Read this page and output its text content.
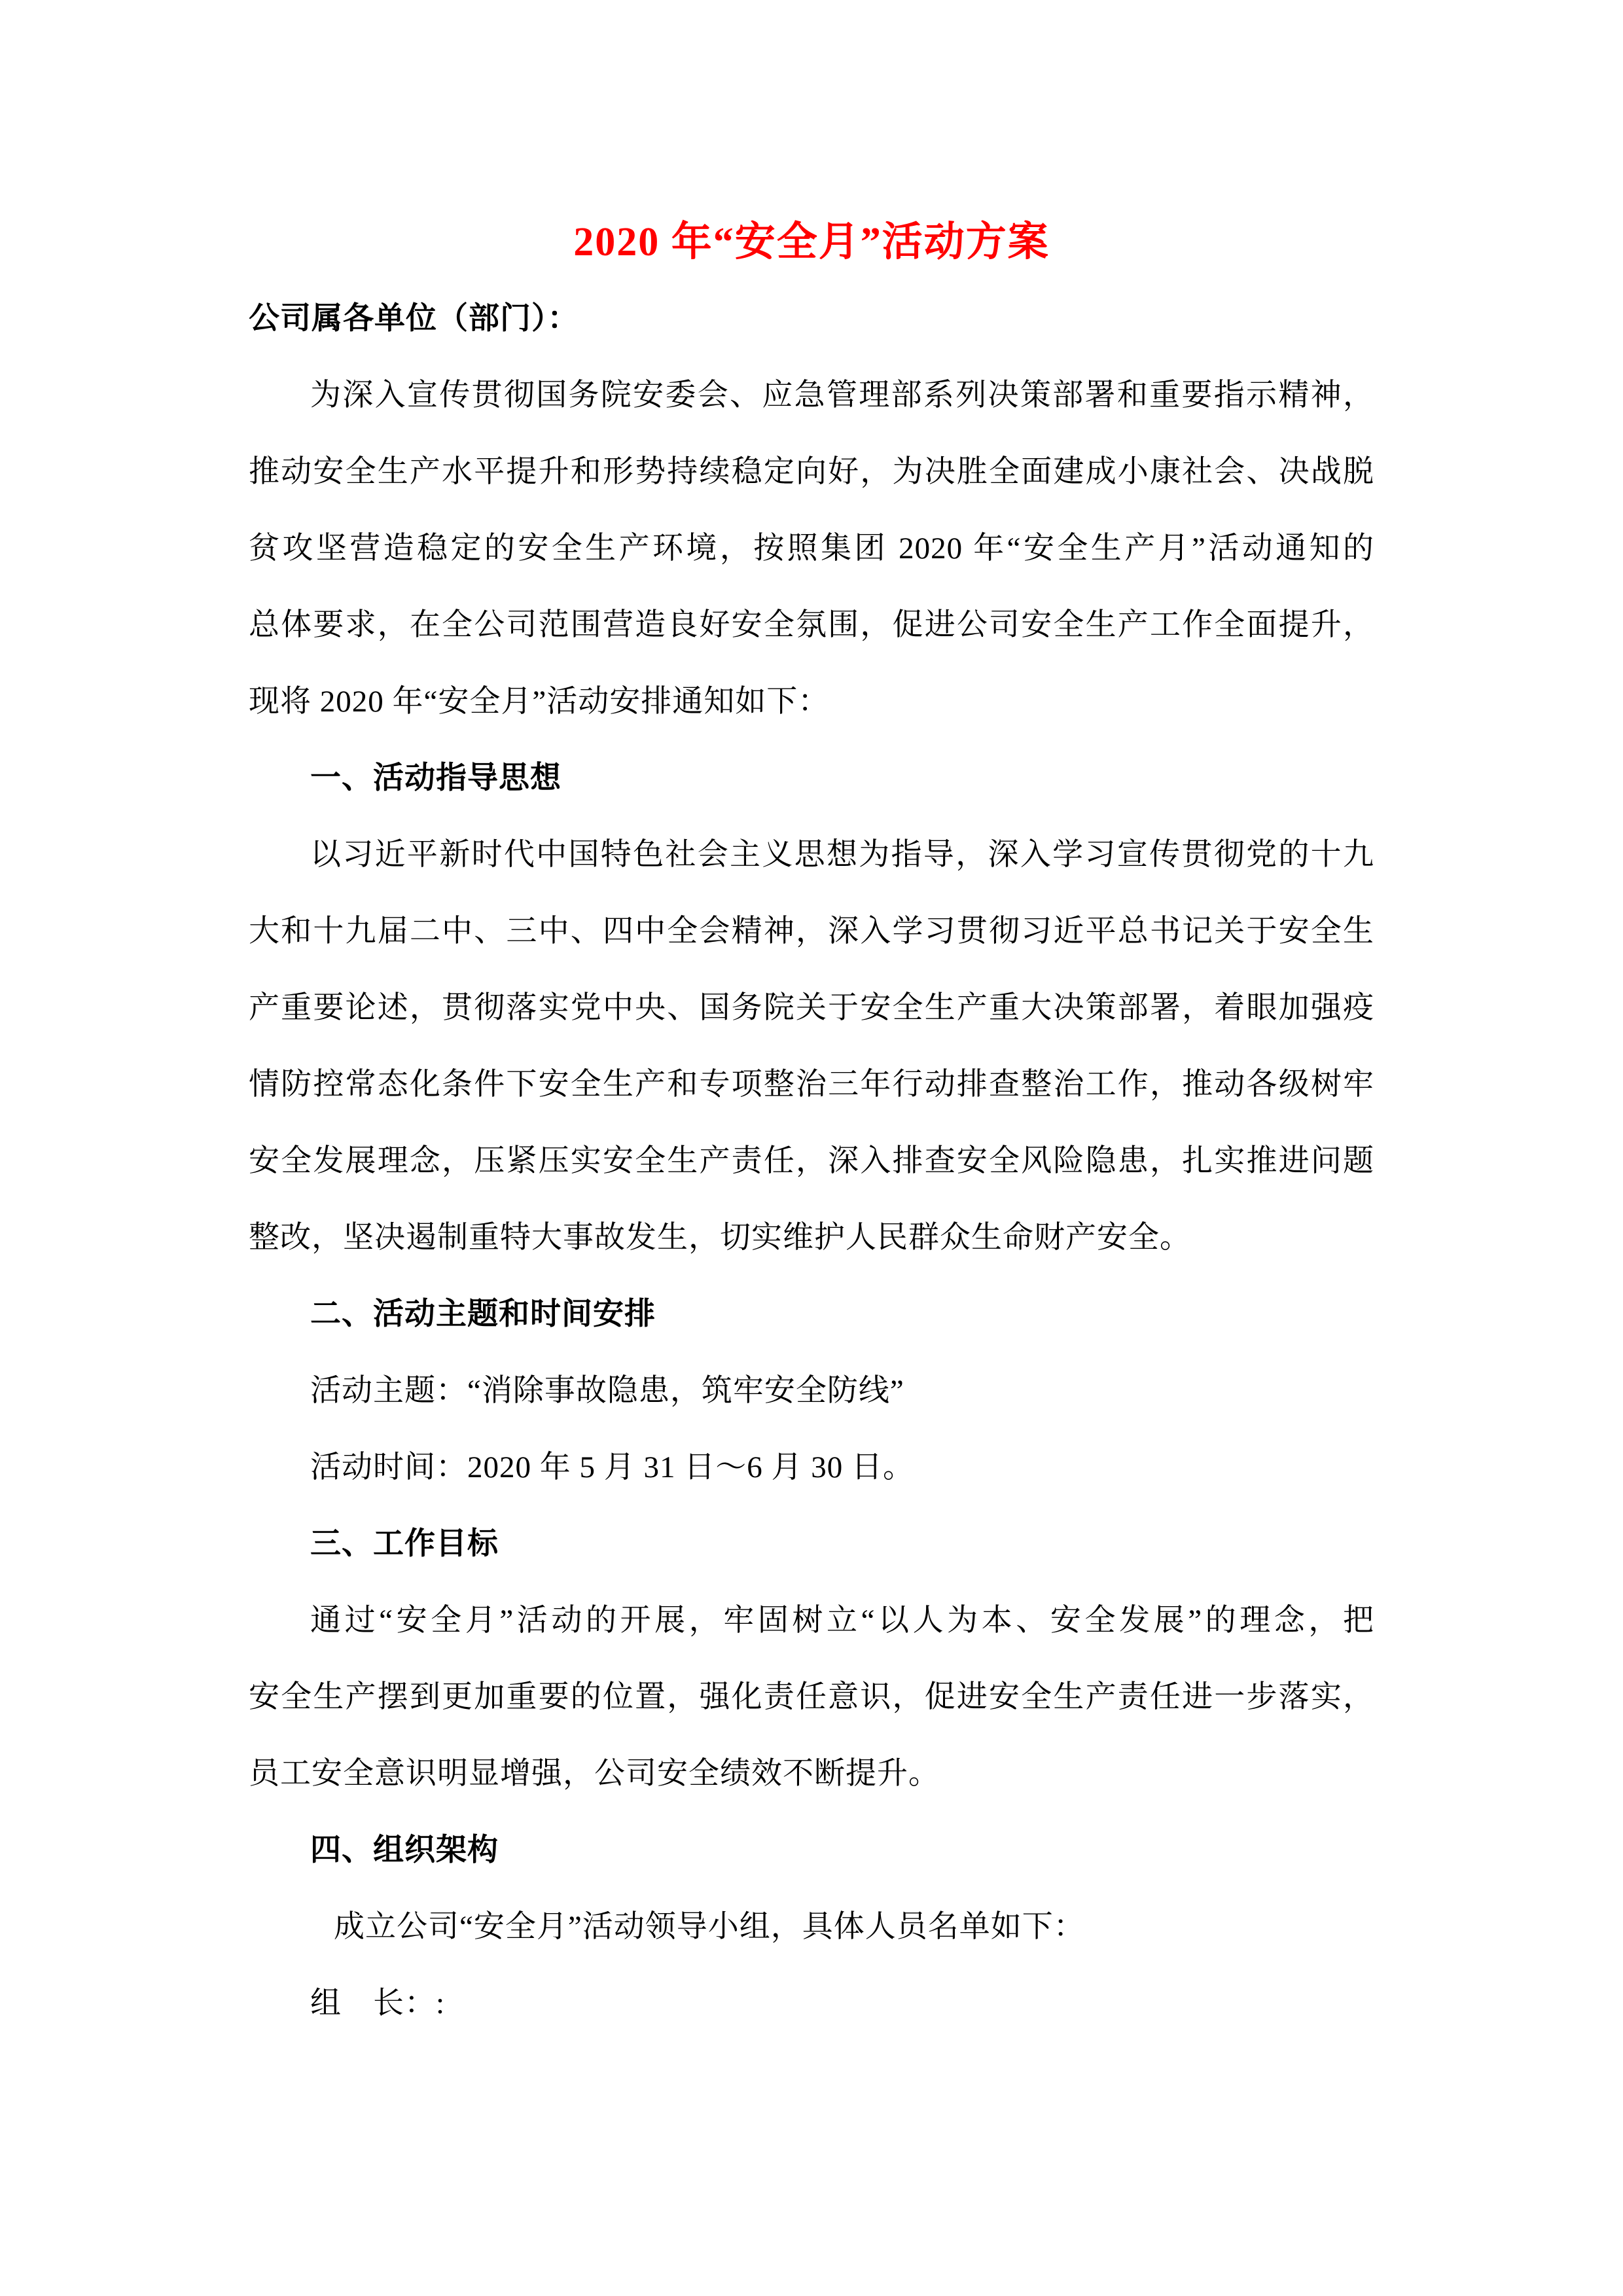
2020 年“安全月”活动方案
公司属各单位（部门）：
为深入宣传贯彻国务院安委会、应急管理部系列决策部署和重要指示精神，
推动安全生产水平提升和形势持续稳定向好，为决胜全面建成小康社会、决战脱
贫攻坚营造稳定的安全生产环境，按照集团 2020 年“安全生产月”活动通知的
总体要求，在全公司范围营造良好安全氛围，促进公司安全生产工作全面提升，
现将 2020 年“安全月”活动安排通知如下：
一、活动指导思想
以习近平新时代中国特色社会主义思想为指导，深入学习宣传贯彻党的十九
大和十九届二中、三中、四中全会精神，深入学习贯彻习近平总书记关于安全生
产重要论述，贯彻落实党中央、国务院关于安全生产重大决策部署，着眼加强疫
情防控常态化条件下安全生产和专项整治三年行动排查整治工作，推动各级树牢
安全发展理念，压紧压实安全生产责任，深入排查安全风险隐患，扎实推进问题
整改，坚决遏制重特大事故发生，切实维护人民群众生命财产安全。
二、活动主题和时间安排
活动主题：“消除事故隐患，筑牢安全防线”
活动时间：2020 年 5 月 31 日～6 月 30 日。
三、工作目标
通过“安全月”活动的开展，牢固树立“以人为本、安全发展”的理念，把
安全生产摆到更加重要的位置，强化责任意识，促进安全生产责任进一步落实，
员工安全意识明显增强，公司安全绩效不断提升。
四、组织架构
成立公司“安全月”活动领导小组，具体人员名单如下：
组　长：:
